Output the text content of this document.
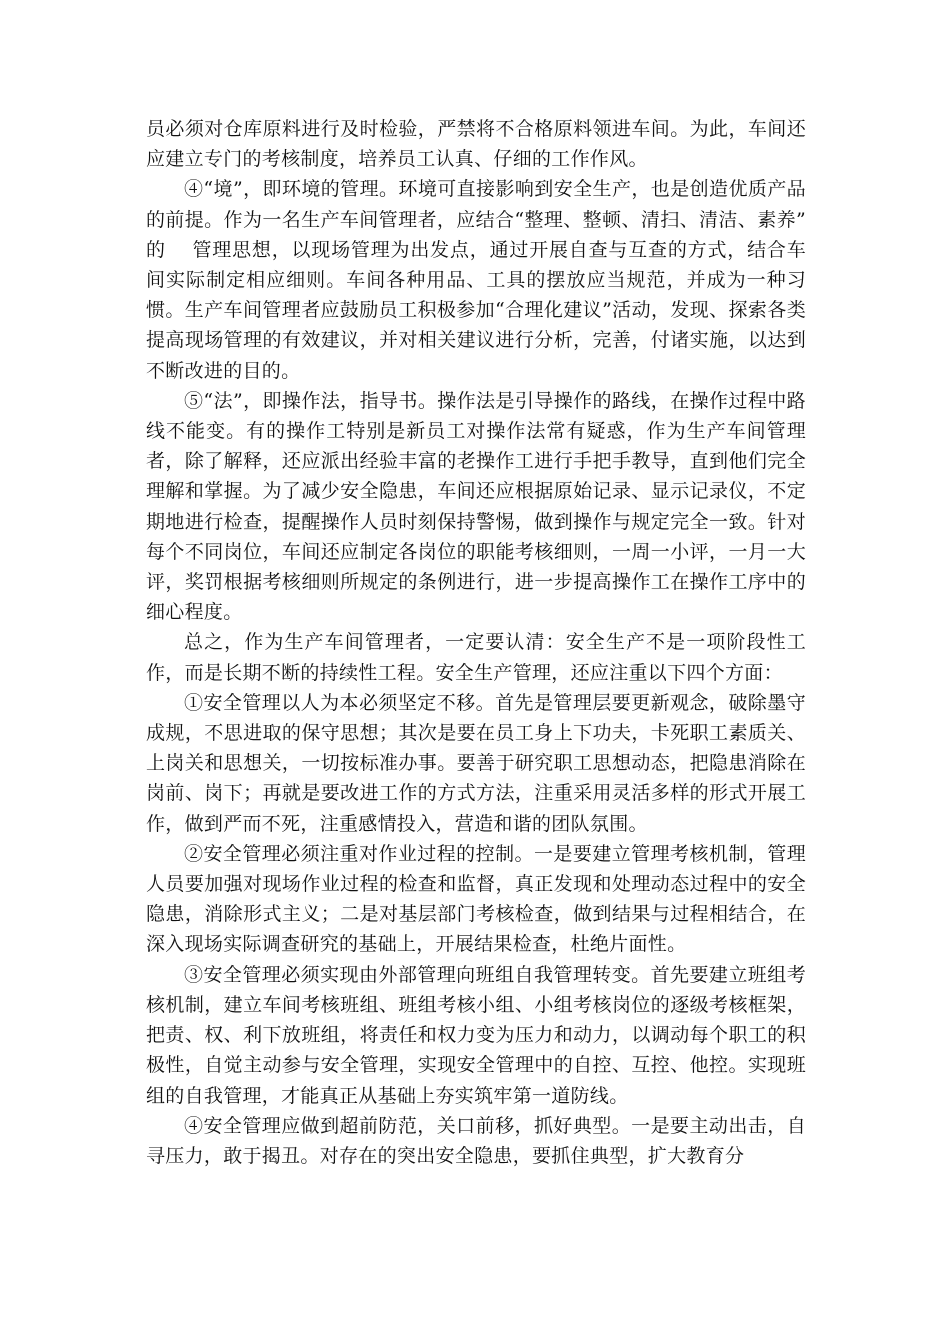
员必须对仓库原料进行及时检验，严禁将不合格原料领进车间。为此，车间还应建立专门的考核制度，培养员工认真、仔细的工作作风。

④“境”，即环境的管理。环境可直接影响到安全生产，也是创造优质产品的前提。作为一名生产车间管理者，应结合“整理、整顿、清扫、清洁、素养” 的 　管理思想，以现场管理为出发点，通过开展自查与互查的方式，结合车间实际制定相应细则。车间各种用品、工具的摆放应当规范，并成为一种习惯。生产车间管理者应鼓励员工积极参加“合理化建议”活动，发现、探索各类提高现场管理的有效建议，并对相关建议进行分析，完善，付诸实施，以达到不断改进的目的。

⑤“法”，即操作法，指导书。操作法是引导操作的路线，在操作过程中路线不能变。有的操作工特别是新员工对操作法常有疑惑，作为生产车间管理者，除了解释，还应派出经验丰富的老操作工进行手把手教导，直到他们完全理解和掌握。为了减少安全隐患，车间还应根据原始记录、显示记录仪，不定期地进行检查，提醒操作人员时刻保持警惕，做到操作与规定完全一致。针对每个不同岗位，车间还应制定各岗位的职能考核细则，一周一小评，一月一大评，奖罚根据考核细则所规定的条例进行，进一步提高操作工在操作工序中的细心程度。

总之，作为生产车间管理者，一定要认清：安全生产不是一项阶段性工作，而是长期不断的持续性工程。安全生产管理，还应注重以下四个方面：

①安全管理以人为本必须坚定不移。首先是管理层要更新观念，破除墨守成规，不思进取的保守思想；其次是要在员工身上下功夫，卡死职工素质关、上岗关和思想关，一切按标准办事。要善于研究职工思想动态，把隐患消除在岗前、岗下；再就是要改进工作的方式方法，注重采用灵活多样的形式开展工作，做到严而不死，注重感情投入，营造和谐的团队氛围。

②安全管理必须注重对作业过程的控制。一是要建立管理考核机制，管理人员要加强对现场作业过程的检查和监督，真正发现和处理动态过程中的安全隐患，消除形式主义；二是对基层部门考核检查，做到结果与过程相结合，在深入现场实际调查研究的基础上，开展结果检查，杜绝片面性。

③安全管理必须实现由外部管理向班组自我管理转变。首先要建立班组考核机制，建立车间考核班组、班组考核小组、小组考核岗位的逐级考核框架，把责、权、利下放班组，将责任和权力变为压力和动力，以调动每个职工的积极性，自觉主动参与安全管理，实现安全管理中的自控、互控、他控。实现班组的自我管理，才能真正从基础上夯实筑牢第一道防线。

④安全管理应做到超前防范，关口前移，抓好典型。一是要主动出击，自寻压力，敢于揭丑。对存在的突出安全隐患，要抓住典型，扩大教育分
